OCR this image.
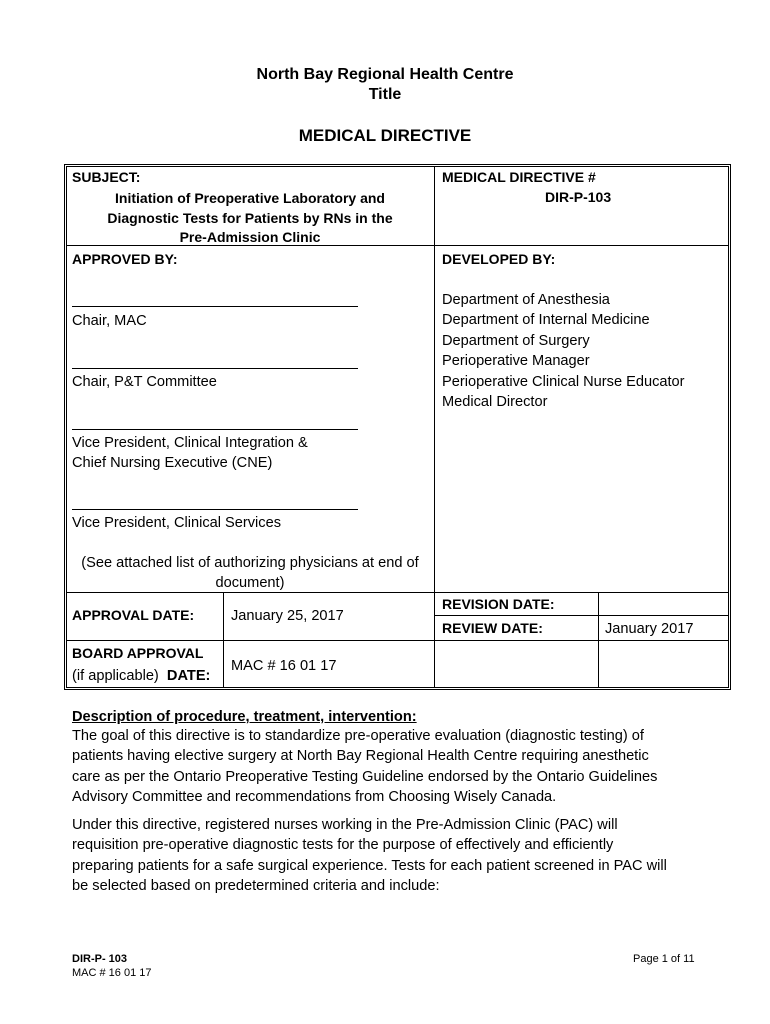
North Bay Regional Health Centre
Title
MEDICAL DIRECTIVE
SUBJECT:
Initiation of Preoperative Laboratory and
Diagnostic Tests for Patients by RNs in the
Pre-Admission Clinic
MEDICAL DIRECTIVE #
DIR-P-103
APPROVED BY:
Chair, MAC
Chair, P&T Committee
Vice President, Clinical Integration &
Chief Nursing Executive (CNE)
Vice President, Clinical Services
(See attached list of authorizing physicians at end of
document)
DEVELOPED BY:
Department of Anesthesia
Department of Internal Medicine
Department of Surgery
Perioperative Manager
Perioperative Clinical Nurse Educator
Medical Director
APPROVAL DATE:	January 25, 2017
REVISION DATE:
REVIEW DATE:	January 2017
BOARD APPROVAL
(if applicable) DATE:
MAC # 16 01 17
Description of procedure, treatment, intervention:
The goal of this directive is to standardize pre-operative evaluation (diagnostic testing) of
patients having elective surgery at North Bay Regional Health Centre requiring anesthetic
care as per the Ontario Preoperative Testing Guideline endorsed by the Ontario Guidelines
Advisory Committee and recommendations from Choosing Wisely Canada.
Under this directive, registered nurses working in the Pre-Admission Clinic (PAC) will
requisition pre-operative diagnostic tests for the purpose of effectively and efficiently
preparing patients for a safe surgical experience. Tests for each patient screened in PAC will
be selected based on predetermined criteria and include:
DIR-P- 103
MAC # 16 01 17
Page 1 of 11
